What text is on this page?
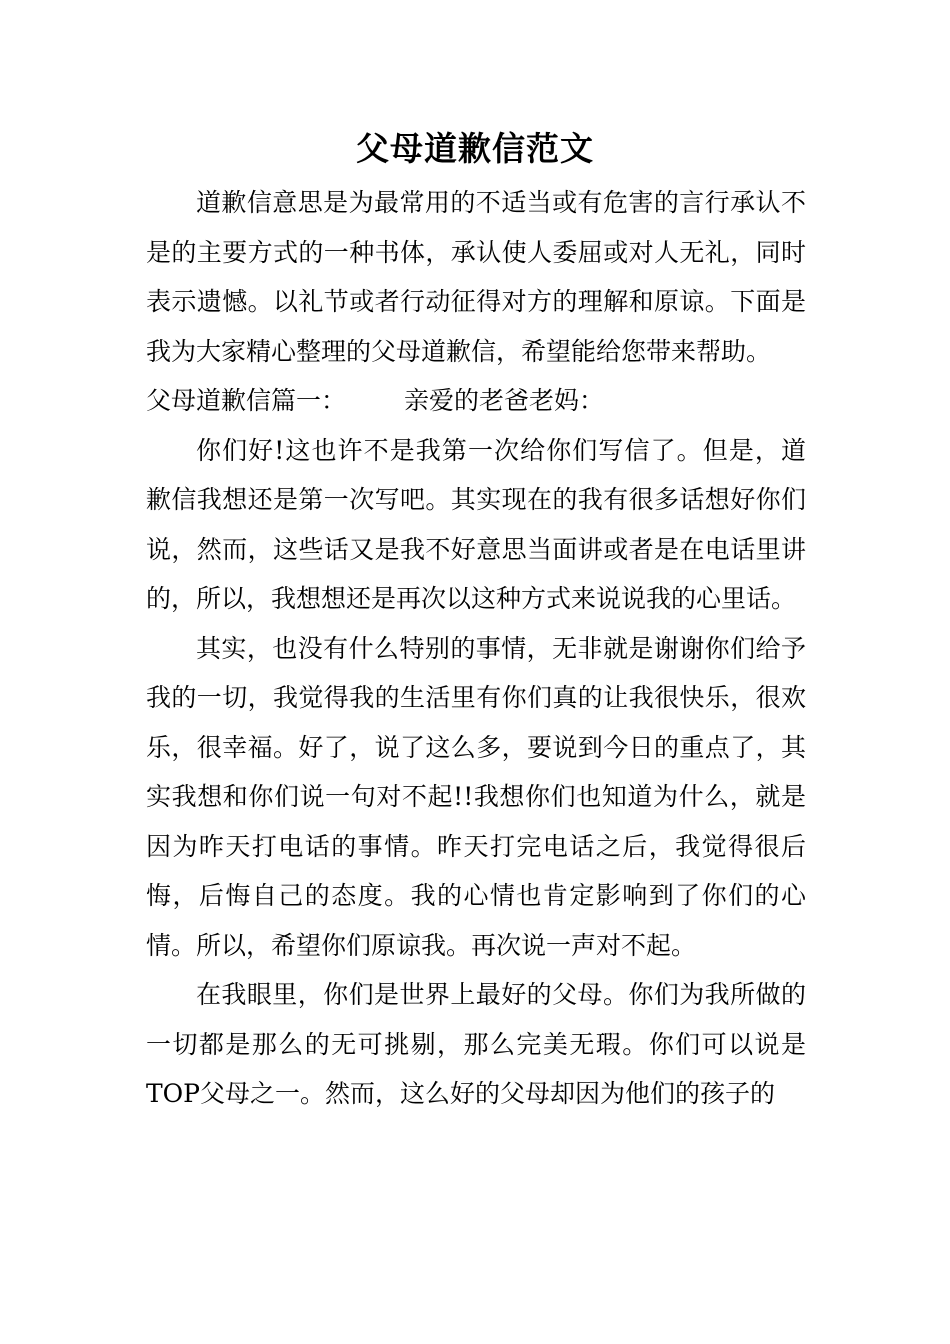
父母道歉信范文

道歉信意思是为最常用的不适当或有危害的言行承认不是的主要方式的一种书体，承认使人委屈或对人无礼，同时表示遗憾。以礼节或者行动征得对方的理解和原谅。下面是我为大家精心整理的父母道歉信，希望能给您带来帮助。

父母道歉信篇一： 亲爱的老爸老妈：

你们好!这也许不是我第一次给你们写信了。但是，道歉信我想还是第一次写吧。其实现在的我有很多话想好你们说，然而，这些话又是我不好意思当面讲或者是在电话里讲的，所以，我想想还是再次以这种方式来说说我的心里话。

其实，也没有什么特别的事情，无非就是谢谢你们给予我的一切，我觉得我的生活里有你们真的让我很快乐，很欢乐，很幸福。好了，说了这么多，要说到今日的重点了，其实我想和你们说一句对不起!!我想你们也知道为什么，就是因为昨天打电话的事情。昨天打完电话之后，我觉得很后悔，后悔自己的态度。我的心情也肯定影响到了你们的心情。所以，希望你们原谅我。再次说一声对不起。

在我眼里，你们是世界上最好的父母。你们为我所做的一切都是那么的无可挑剔，那么完美无瑕。你们可以说是TOP父母之一。然而，这么好的父母却因为他们的孩子的
